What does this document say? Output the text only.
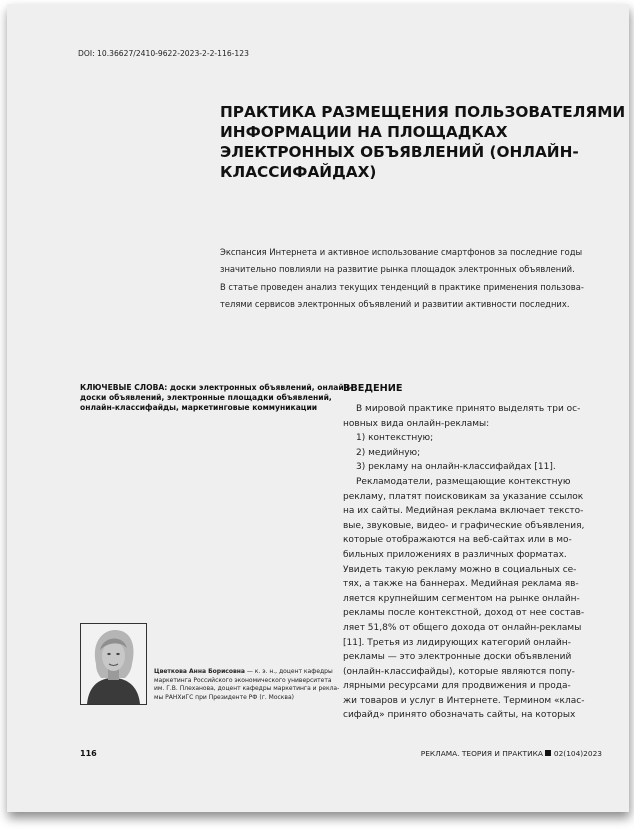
DOI: 10.36627/2410-9622-2023-2-2-116-123
ПРАКТИКА РАЗМЕЩЕНИЯ ПОЛЬЗОВАТЕЛЯМИ
ИНФОРМАЦИИ НА ПЛОЩАДКАХ
ЭЛЕКТРОННЫХ ОБЪЯВЛЕНИЙ (ОНЛАЙН-
КЛАССИФАЙДАХ)

Экспансия Интернета и активное использование смартфонов за последние годы
значительно повлияли на развитие рынка площадок электронных объявлений.
В статье проведен анализ текущих тенденций в практике применения пользова-
телями сервисов электронных объявлений и развитии активности последних.

КЛЮЧЕВЫЕ СЛОВА: доски электронных объявлений, онлайн-
доски объявлений, электронные площадки объявлений,
онлайн-классифайды, маркетинговые коммуникации

ВВЕДЕНИЕ
В мировой практике принято выделять три ос-
новных вида онлайн-рекламы:
1) контекстную;
2) медийную;
3) рекламу на онлайн-классифайдах [11].
Рекламодатели, размещающие контекстную
рекламу, платят поисковикам за указание ссылок
на их сайты. Медийная реклама включает тексто-
вые, звуковые, видео- и графические объявления,
которые отображаются на веб-сайтах или в мо-
бильных приложениях в различных форматах.
Увидеть такую рекламу можно в социальных се-
тях, а также на баннерах. Медийная реклама яв-
ляется крупнейшим сегментом на рынке онлайн-
рекламы после контекстной, доход от нее состав-
ляет 51,8% от общего дохода от онлайн-рекламы
[11]. Третья из лидирующих категорий онлайн-
рекламы — это электронные доски объявлений
(онлайн-классифайды), которые являются попу-
лярными ресурсами для продвижения и прода-
жи товаров и услуг в Интернете. Термином «клас-
сифайд» принято обозначать сайты, на которых

Цветкова Анна Борисовна — к. э. н., доцент кафедры
маркетинга Российского экономического университета
им. Г.В. Плеханова, доцент кафедры маркетинга и рекла-
мы РАНХиГС при Президенте РФ (г. Москва)

116	РЕКЛАМА. ТЕОРИЯ И ПРАКТИКА 02(104)2023
